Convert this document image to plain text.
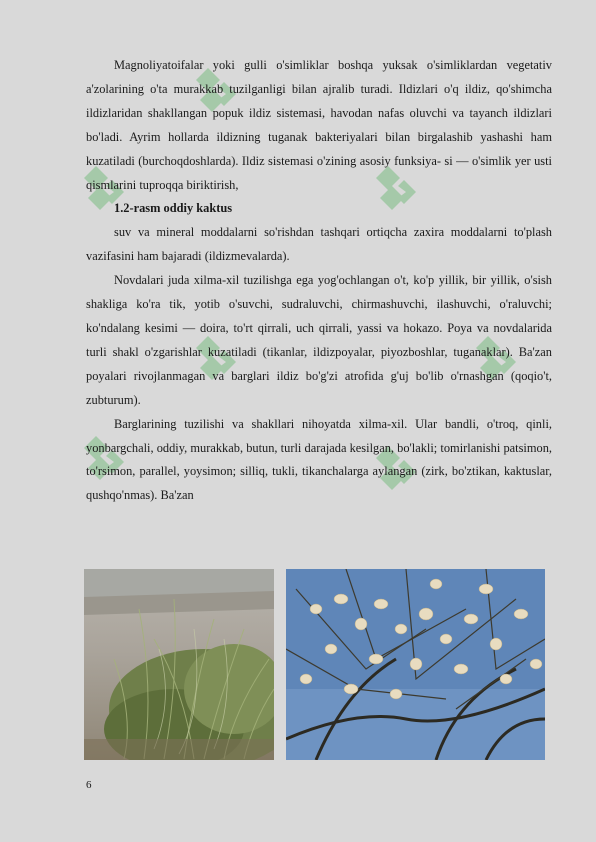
Magnoliyatoifalar yoki gulli o'simliklar boshqa yuksak o'simliklardan vegetativ a'zolarining o'ta murakkab tuzilganligi bilan ajralib turadi. Ildizlari o'q ildiz, qo'shimcha ildizlaridan shakllangan popuk ildiz sistemasi, havodan nafas oluvchi va tayanch ildizlari bo'ladi. Ayrim hollarda ildizning tuganak bakteriyalari bilan birgalashib yashashi ham kuzatiladi (burchoqdoshlarda). Ildiz sistemasi o'zining asosiy funksiya- si — o'simlik yer usti qismlarini tuproqqa biriktirish,

1.2-rasm oddiy kaktus

suv va mineral moddalarni so'rishdan tashqari ortiqcha zaxira moddalarni to'plash vazifasini ham bajaradi (ildizmevalarda).

Novdalari juda xilma-xil tuzilishga ega yog'ochlangan o't, ko'p yillik, bir yillik, o'sish shakliga ko'ra tik, yotib o'suvchi, sudraluvchi, chirmashuvchi, ilashuvchi, o'raluvchi; ko'ndalang kesimi — doira, to'rt qirrali, uch qirrali, yassi va hokazo. Poya va novdalarida turli shakl o'zgarishlar kuzatiladi (tikanlar, ildizpoyalar, piyozboshlar, tuganaklar). Ba'zan poyalari rivojlanmagan va barglari ildiz bo'g'zi atrofida g'uj bo'lib o'rnashgan (qoqio't, zubturum).

Barglarining tuzilishi va shakllari nihoyatda xilma-xil. Ular bandli, o'troq, qinli, yonbargchali, oddiy, murakkab, butun, turli darajada kesilgan, bo'lakli; tomirlanishi patsimon, to'rsimon, parallel, yoysimon; silliq, tukli, tikanchalarga aylangan (zirk, bo'ztikan, kaktuslar, qushqo'nmas). Ba'zan

6
